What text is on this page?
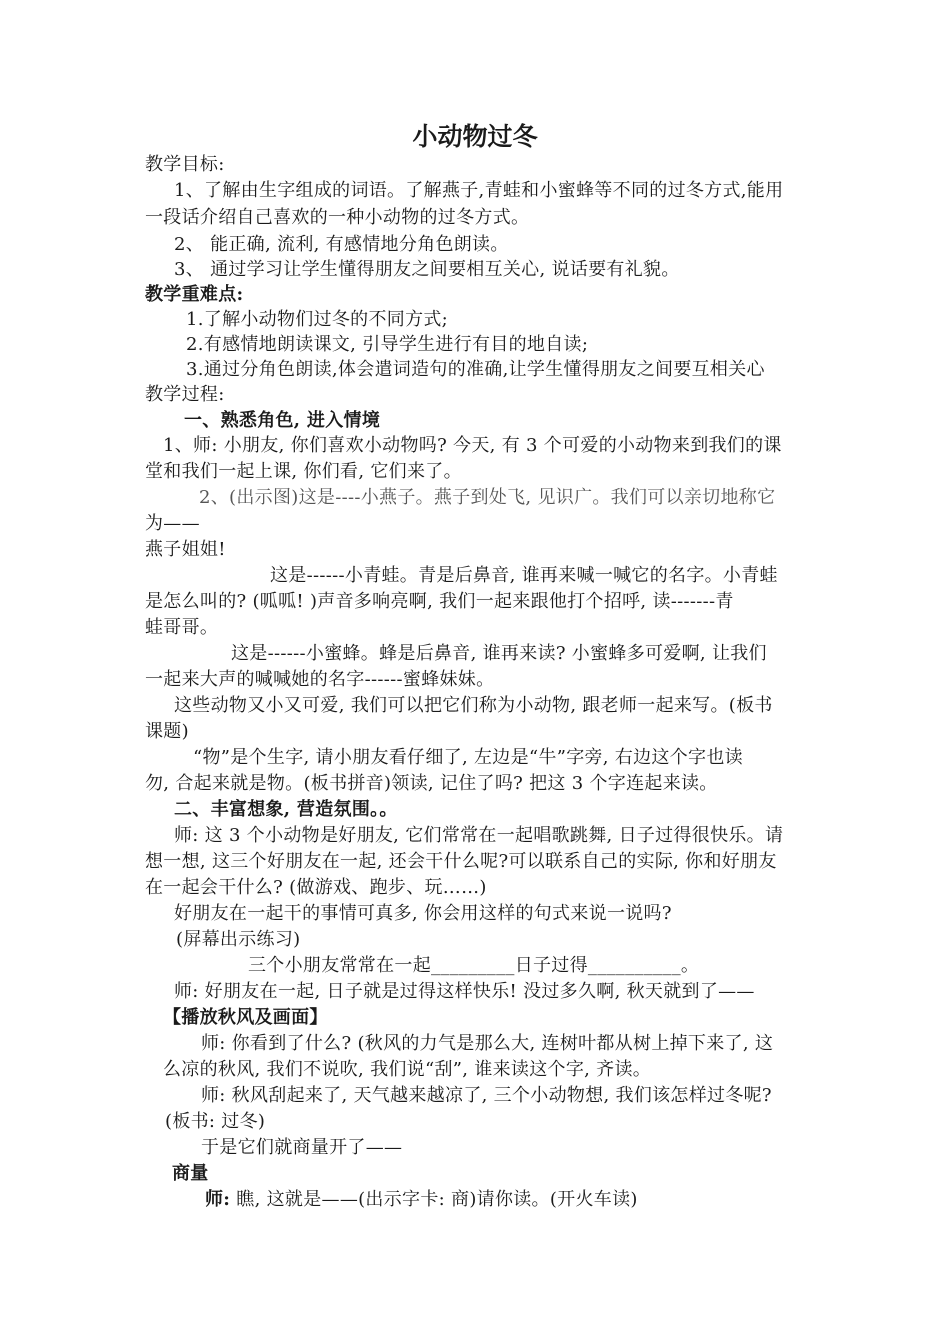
小动物过冬
教学目标:
1、了解由生字组成的词语。了解燕子,青蛙和小蜜蜂等不同的过冬方式,能用
一段话介绍自己喜欢的一种小动物的过冬方式。
2、 能正确, 流利, 有感情地分角色朗读。
3、 通过学习让学生懂得朋友之间要相互关心, 说话要有礼貌。
教学重难点:
1.了解小动物们过冬的不同方式;
2.有感情地朗读课文, 引导学生进行有目的地自读;
3.通过分角色朗读,体会遣词造句的准确,让学生懂得朋友之间要互相关心
教学过程:
一、熟悉角色, 进入情境
1、师: 小朋友, 你们喜欢小动物吗? 今天, 有 3 个可爱的小动物来到我们的课
堂和我们一起上课, 你们看, 它们来了。
2、(出示图)这是----小燕子。燕子到处飞, 见识广。我们可以亲切地称它
为——
燕子姐姐!
这是------小青蛙。青是后鼻音, 谁再来喊一喊它的名字。小青蛙
是怎么叫的? (呱呱! )声音多响亮啊, 我们一起来跟他打个招呼, 读-------青
蛙哥哥。
这是------小蜜蜂。蜂是后鼻音, 谁再来读? 小蜜蜂多可爱啊, 让我们
一起来大声的喊喊她的名字------蜜蜂妹妹。
这些动物又小又可爱, 我们可以把它们称为小动物, 跟老师一起来写。(板书
课题)
“物”是个生字, 请小朋友看仔细了, 左边是“牛”字旁, 右边这个字也读
勿, 合起来就是物。(板书拼音)领读, 记住了吗? 把这 3 个字连起来读。
二、丰富想象, 营造氛围。。
师: 这 3 个小动物是好朋友, 它们常常在一起唱歌跳舞, 日子过得很快乐。请
想一想, 这三个好朋友在一起, 还会干什么呢?可以联系自己的实际, 你和好朋友
在一起会干什么? (做游戏、跑步、玩……)
好朋友在一起干的事情可真多, 你会用这样的句式来说一说吗?
(屏幕出示练习)
三个小朋友常常在一起_________日子过得__________。
师: 好朋友在一起, 日子就是过得这样快乐! 没过多久啊, 秋天就到了——
【播放秋风及画面】
师: 你看到了什么? (秋风的力气是那么大, 连树叶都从树上掉下来了, 这
么凉的秋风, 我们不说吹, 我们说“刮”, 谁来读这个字, 齐读。
师: 秋风刮起来了, 天气越来越凉了, 三个小动物想, 我们该怎样过冬呢?
(板书: 过冬)
于是它们就商量开了——
商量
师: 瞧, 这就是——(出示字卡: 商)请你读。(开火车读)
